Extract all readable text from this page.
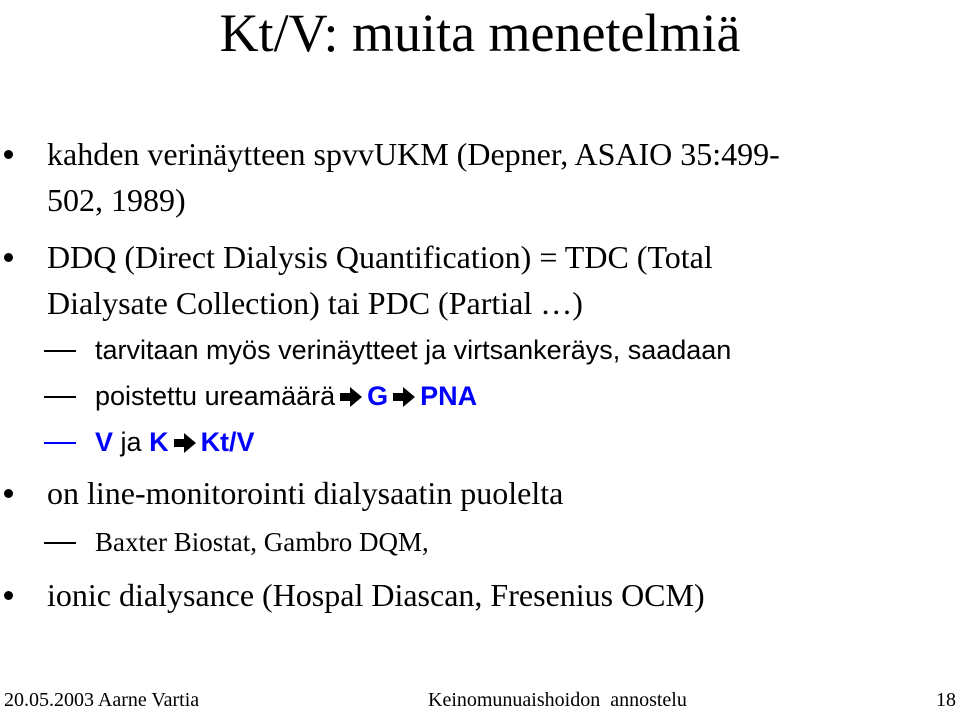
Kt/V: muita menetelmiä
kahden verinäytteen spvvUKM (Depner, ASAIO 35:499-
502, 1989)
DDQ (Direct Dialysis Quantification) = TDC (Total
Dialysate Collection) tai PDC (Partial …)
tarvitaan myös verinäytteet ja virtsankeräys, saadaan
poistettu ureamäärä G PNA
V ja K Kt/V
on line-monitorointi dialysaatin puolelta
Baxter Biostat, Gambro DQM,
ionic dialysance (Hospal Diascan, Fresenius OCM)
20.05.2003 Aarne Vartia	Keinomunuaishoidon  annostelu	18
